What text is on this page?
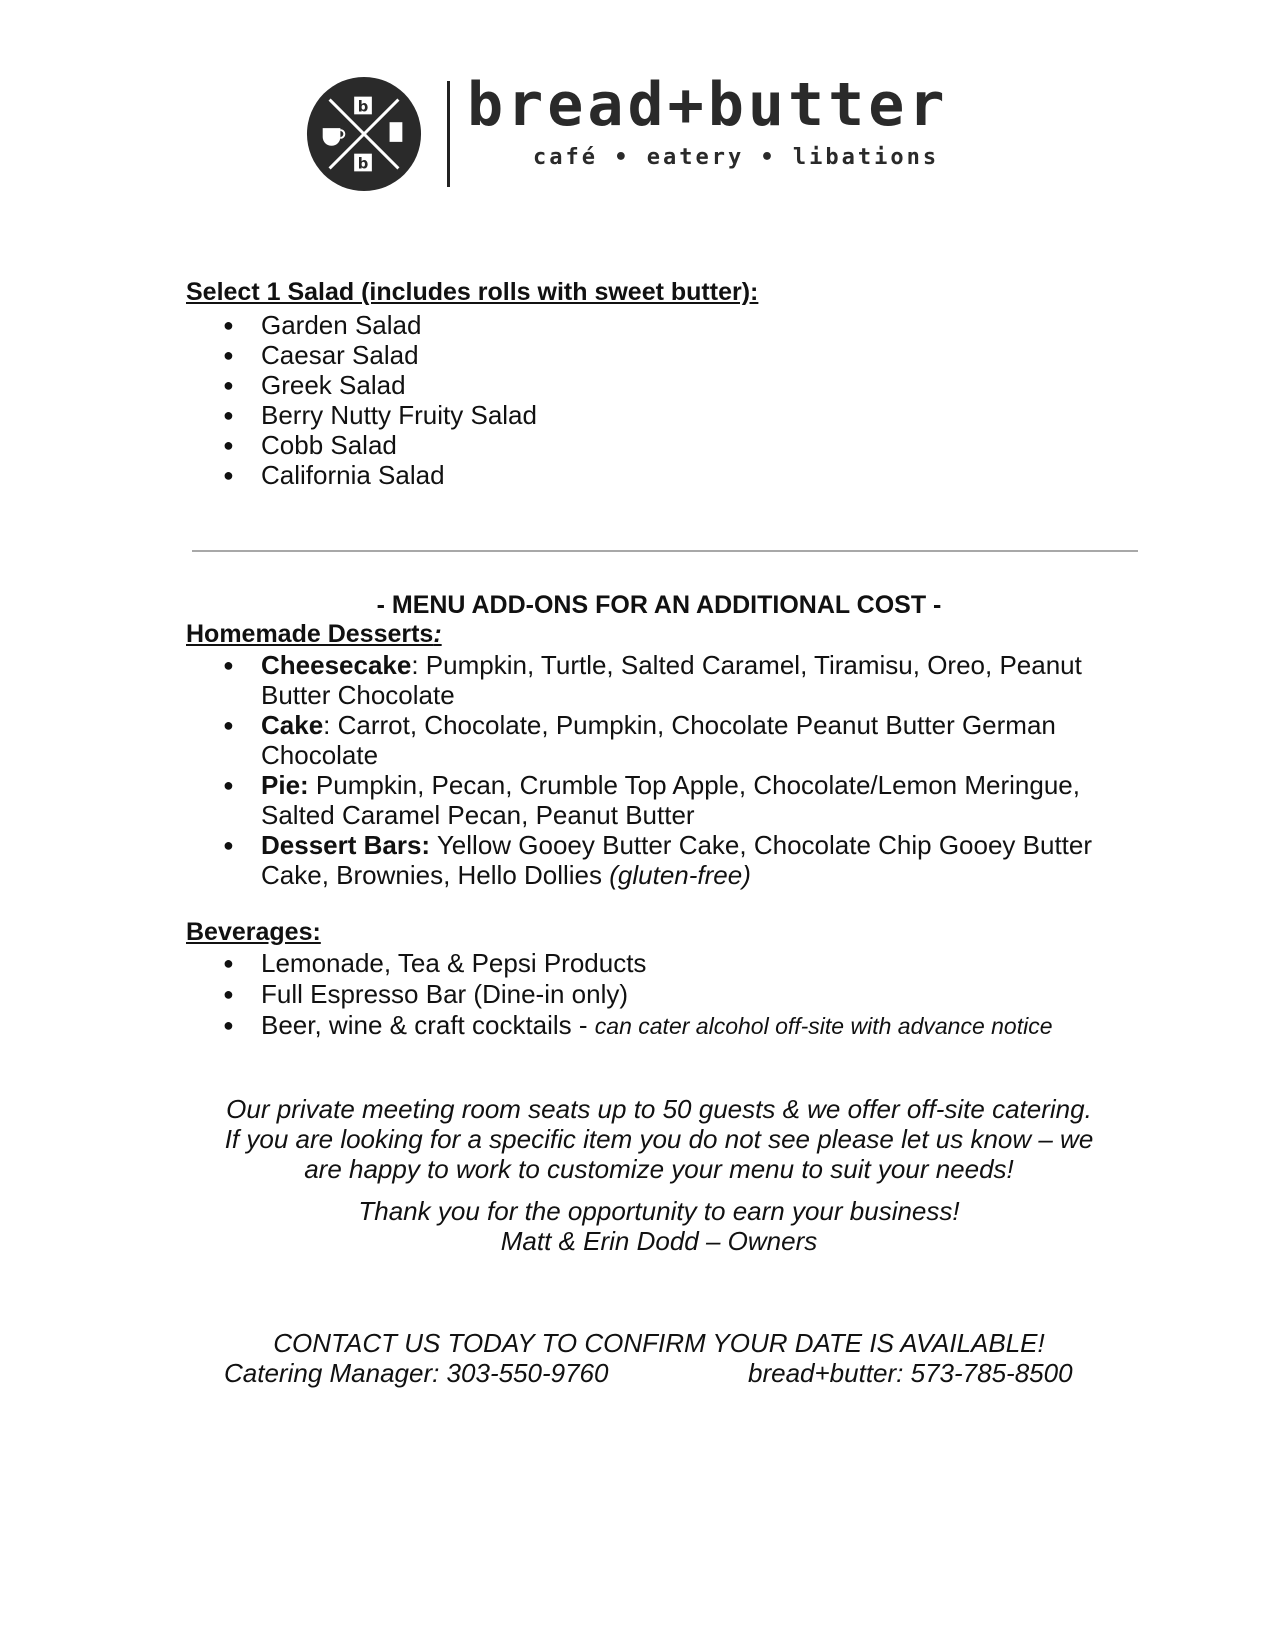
b
b
bread+butter
café • eatery • libations
Select 1 Salad (includes rolls with sweet butter):
● Garden Salad
● Caesar Salad
● Greek Salad
● Berry Nutty Fruity Salad
● Cobb Salad
● California Salad
- MENU ADD-ONS FOR AN ADDITIONAL COST -
Homemade Desserts:
● Cheesecake: Pumpkin, Turtle, Salted Caramel, Tiramisu, Oreo, Peanut Butter Chocolate
● Cake: Carrot, Chocolate, Pumpkin, Chocolate Peanut Butter German Chocolate
● Pie: Pumpkin, Pecan, Crumble Top Apple, Chocolate/Lemon Meringue, Salted Caramel Pecan, Peanut Butter
● Dessert Bars: Yellow Gooey Butter Cake, Chocolate Chip Gooey Butter Cake, Brownies, Hello Dollies (gluten-free)
Beverages:
● Lemonade, Tea & Pepsi Products
● Full Espresso Bar (Dine-in only)
● Beer, wine & craft cocktails - can cater alcohol off-site with advance notice
Our private meeting room seats up to 50 guests & we offer off-site catering.
If you are looking for a specific item you do not see please let us know – we
are happy to work to customize your menu to suit your needs!
Thank you for the opportunity to earn your business!
Matt & Erin Dodd – Owners
CONTACT US TODAY TO CONFIRM YOUR DATE IS AVAILABLE!
Catering Manager: 303-550-9760	bread+butter: 573-785-8500
